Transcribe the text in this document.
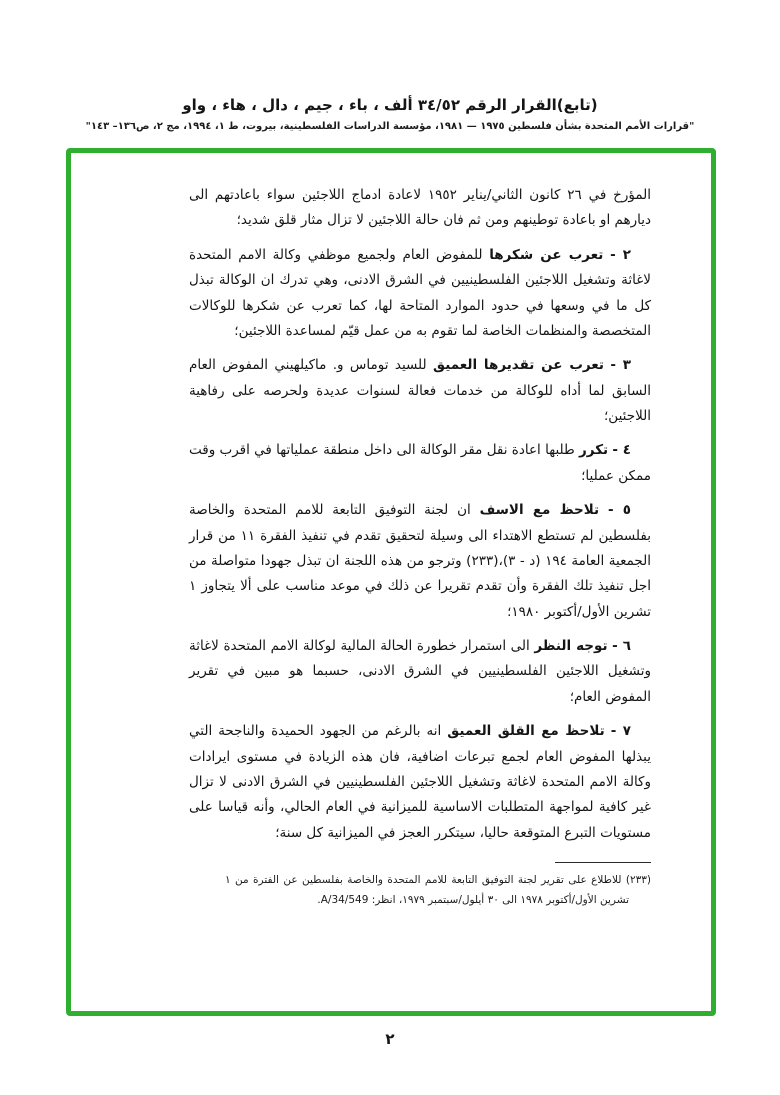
(تابع)القرار الرقم ٣٤/٥٢ ألف ، باء ، جيم ، دال ، هاء ، واو
"قرارات الأمم المتحدة بشأن فلسطين ١٩٧٥ — ١٩٨١، مؤسسة الدراسات الفلسطينية، بيروت، ط ١، ١٩٩٤، مج ٢، ص١٣٦– ١٤٣"

المؤرخ في ٢٦ كانون الثاني/يناير ١٩٥٢ لاعادة ادماج اللاجئين سواء باعادتهم الى ديارهم او باعادة توطينهم ومن ثم فان حالة اللاجئين لا تزال مثار قلق شديد؛

٢ - تعرب عن شكرها للمفوض العام ولجميع موظفي وكالة الامم المتحدة لاغاثة وتشغيل اللاجئين الفلسطينيين في الشرق الادنى، وهي تدرك ان الوكالة تبذل كل ما في وسعها في حدود الموارد المتاحة لها، كما تعرب عن شكرها للوكالات المتخصصة والمنظمات الخاصة لما تقوم به من عمل قيّم لمساعدة اللاجئين؛

٣ - تعرب عن تقديرها العميق للسيد توماس و. ماكيلهيني المفوض العام السابق لما أداه للوكالة من خدمات فعالة لسنوات عديدة ولحرصه على رفاهية اللاجئين؛

٤ - تكرر طلبها اعادة نقل مقر الوكالة الى داخل منطقة عملياتها في اقرب وقت ممكن عمليا؛

٥ - تلاحظ مع الاسف ان لجنة التوفيق التابعة للامم المتحدة والخاصة بفلسطين لم تستطع الاهتداء الى وسيلة لتحقيق تقدم في تنفيذ الفقرة ١١ من قرار الجمعية العامة ١٩٤ (د - ٣)،(٢٣٣) وترجو من هذه اللجنة ان تبذل جهودا متواصلة من اجل تنفيذ تلك الفقرة وأن تقدم تقريرا عن ذلك في موعد مناسب على ألا يتجاوز ١ تشرين الأول/أكتوبر ١٩٨٠؛

٦ - توجه النظر الى استمرار خطورة الحالة المالية لوكالة الامم المتحدة لاغاثة وتشغيل اللاجئين الفلسطينيين في الشرق الادنى، حسبما هو مبين في تقرير المفوض العام؛

٧ - تلاحظ مع القلق العميق انه بالرغم من الجهود الحميدة والناجحة التي يبذلها المفوض العام لجمع تبرعات اضافية، فان هذه الزيادة في مستوى ايرادات وكالة الامم المتحدة لاغاثة وتشغيل اللاجئين الفلسطينيين في الشرق الادنى لا تزال غير كافية لمواجهة المتطلبات الاساسية للميزانية في العام الحالي، وأنه قياسا على مستويات التبرع المتوقعة حاليا، سيتكرر العجز في الميزانية كل سنة؛

(٢٣٣) للاطلاع على تقرير لجنة التوفيق التابعة للامم المتحدة والخاصة بفلسطين عن الفترة من ١ تشرين الأول/أكتوبر ١٩٧٨ الى ٣٠ أيلول/سبتمبر ١٩٧٩، انظر: A/34/549.

٢
